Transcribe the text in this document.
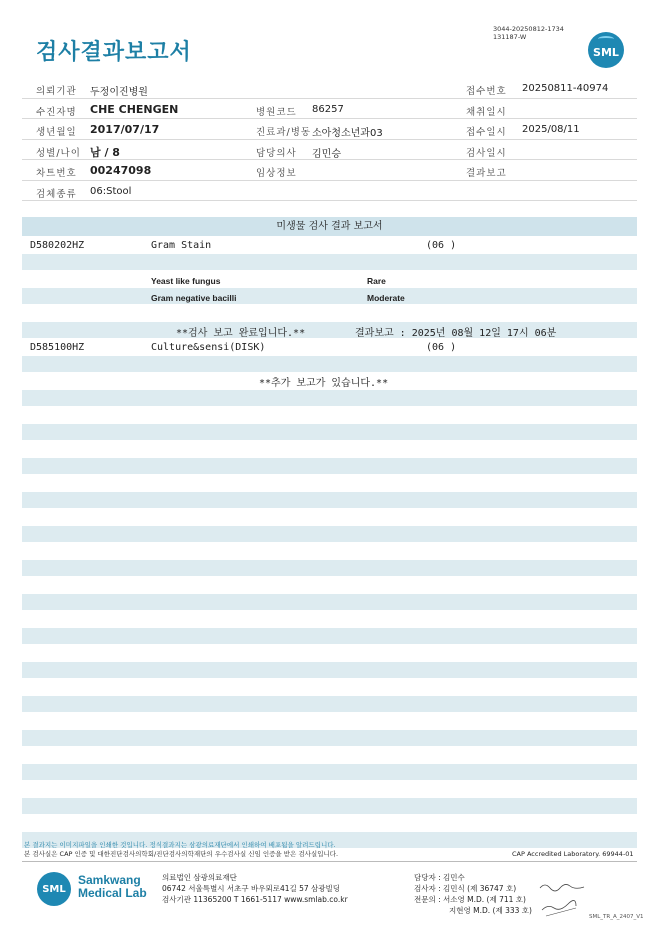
3044-20250812-1734
131187-W
검사결과보고서	SML
의뢰기관 두정이진병원	접수번호 20250811-40974
수진자명 CHE CHENGEN	병원코드 86257	채취일시
생년월일 2017/07/17	진료과/병동 소아청소년과03	접수일시 2025/08/11
성별/나이 남 / 8	담당의사 김민승	검사일시
차트번호 00247098	임상정보	결과보고
검체종류 06:Stool
미생물 검사 결과 보고서
D580202HZ	Gram Stain	(06 )
Yeast like fungus	Rare
Gram negative bacilli	Moderate
**검사 보고 완료입니다.**	결과보고 : 2025년 08월 12일 17시 06분
D585100HZ	Culture&sensi(DISK)	(06 )
**추가 보고가 있습니다.**
본 결과지는 이미지파일을 인쇄한 것입니다. 정식결과지는 삼광의료재단에서 인쇄하여 배포됨을 알려드립니다.
본 검사실은 CAP 인증 및 대한진단검사의학회/진단검사의학재단의 우수검사실 신임 인증을 받은 검사실입니다.	CAP Accredited Laboratory. 69944-01
SML
Samkwang
Medical Lab
의료법인 삼광의료재단
06742 서울특별시 서초구 바우뫼로41길 57 삼광빌딩
검사기관 11365200 T 1661-5117 www.smlab.co.kr
담당자 : 김민수
검사자 : 김민식 (제 36747 호)
전문의 : 서소영 M.D. (제 711 호)
지현영 M.D. (제 333 호)
SML_TR_A_2407_V1
